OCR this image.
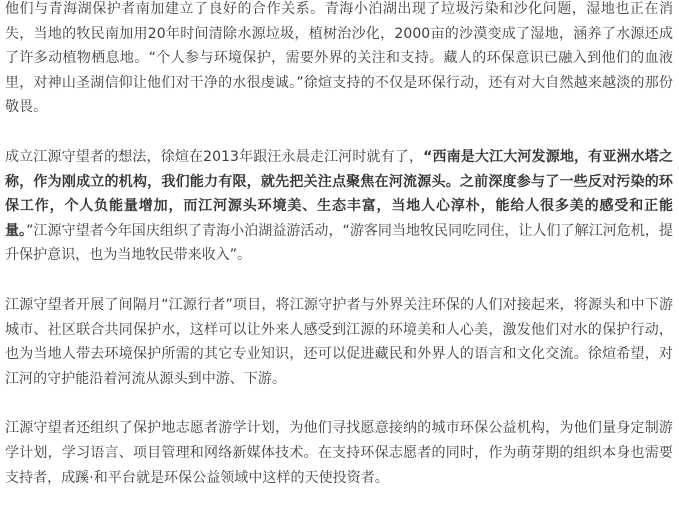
他们与青海湖保护者南加建立了良好的合作关系。青海小泊湖出现了垃圾污染和沙化问题，湿地也正在消失，当地的牧民南加用20年时间清除水源垃圾，植树治沙化，2000亩的沙漠变成了湿地，涵养了水源还成了许多动植物栖息地。“个人参与环境保护，需要外界的关注和支持。藏人的环保意识已融入到他们的血液里，对神山圣湖信仰让他们对干净的水很虔诚。”徐煊支持的不仅是环保行动，还有对大自然越来越淡的那份敬畏。

成立江源守望者的想法，徐煊在2013年跟汪永晨走江河时就有了，“西南是大江大河发源地，有亚洲水塔之称，作为刚成立的机构，我们能力有限，就先把关注点聚焦在河流源头。之前深度参与了一些反对污染的环保工作，个人负能量增加，而江河源头环境美、生态丰富，当地人心淳朴，能给人很多美的感受和正能量。”江源守望者今年国庆组织了青海小泊湖益游活动，“游客同当地牧民同吃同住，让人们了解江河危机，提升保护意识，也为当地牧民带来收入”。

江源守望者开展了间隔月“江源行者”项目，将江源守护者与外界关注环保的人们对接起来，将源头和中下游城市、社区联合共同保护水，这样可以让外来人感受到江源的环境美和人心美，激发他们对水的保护行动，也为当地人带去环境保护所需的其它专业知识，还可以促进藏民和外界人的语言和文化交流。徐煊希望，对江河的守护能沿着河流从源头到中游、下游。

江源守望者还组织了保护地志愿者游学计划，为他们寻找愿意接纳的城市环保公益机构，为他们量身定制游学计划，学习语言、项目管理和网络新媒体技术。在支持环保志愿者的同时，作为萌芽期的组织本身也需要支持者，成蹊·和平台就是环保公益领域中这样的天使投资者。
